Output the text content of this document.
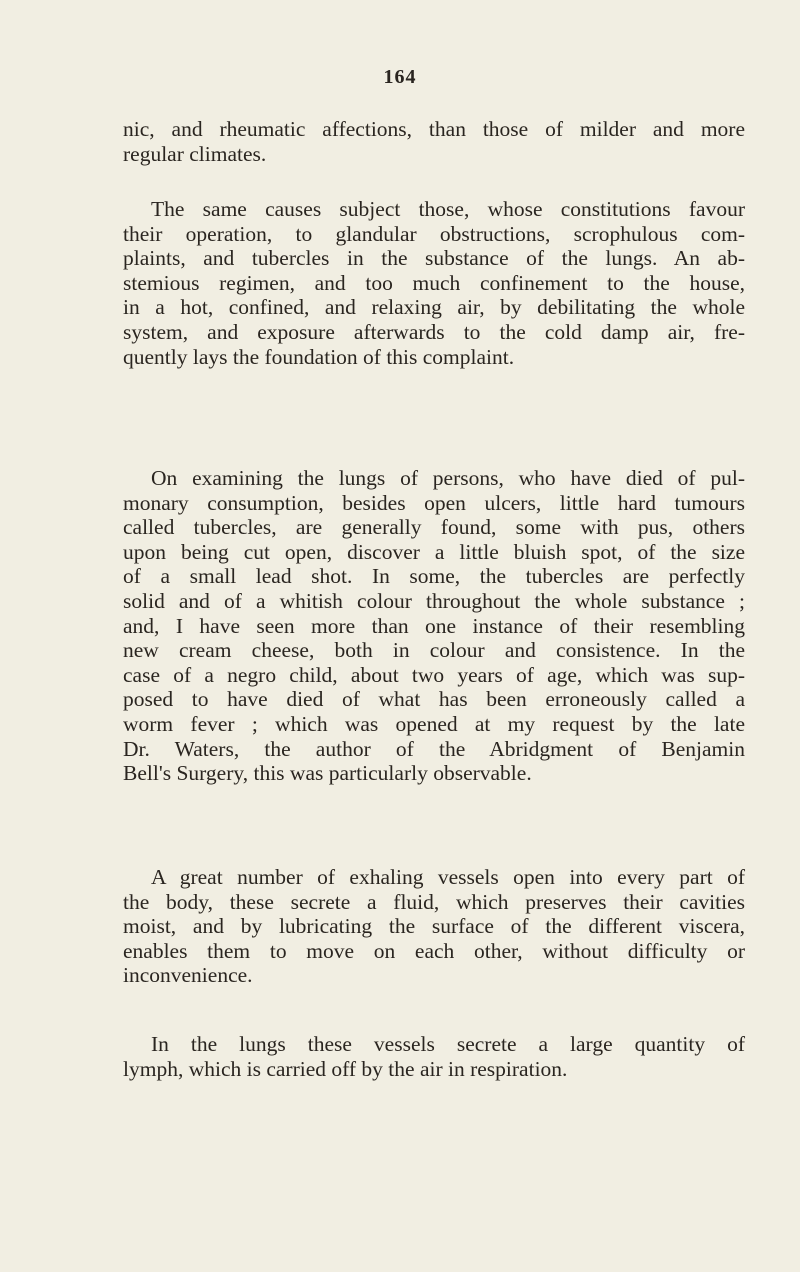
164
nic, and rheumatic affections, than those of milder and more
regular climates.
The same causes subject those, whose constitutions favour
their operation, to glandular obstructions, scrophulous com-
plaints, and tubercles in the substance of the lungs. An ab-
stemious regimen, and too much confinement to the house,
in a hot, confined, and relaxing air, by debilitating the whole
system, and exposure afterwards to the cold damp air, fre-
quently lays the foundation of this complaint.
On examining the lungs of persons, who have died of pul-
monary consumption, besides open ulcers, little hard tumours
called tubercles, are generally found, some with pus, others
upon being cut open, discover a little bluish spot, of the size
of a small lead shot. In some, the tubercles are perfectly
solid and of a whitish colour throughout the whole substance ;
and, I have seen more than one instance of their resembling
new cream cheese, both in colour and consistence. In the
case of a negro child, about two years of age, which was sup-
posed to have died of what has been erroneously called a
worm fever ; which was opened at my request by the late
Dr. Waters, the author of the Abridgment of Benjamin
Bell's Surgery, this was particularly observable.
A great number of exhaling vessels open into every part of
the body, these secrete a fluid, which preserves their cavities
moist, and by lubricating the surface of the different viscera,
enables them to move on each other, without difficulty or
inconvenience.
In the lungs these vessels secrete a large quantity of
lymph, which is carried off by the air in respiration.
